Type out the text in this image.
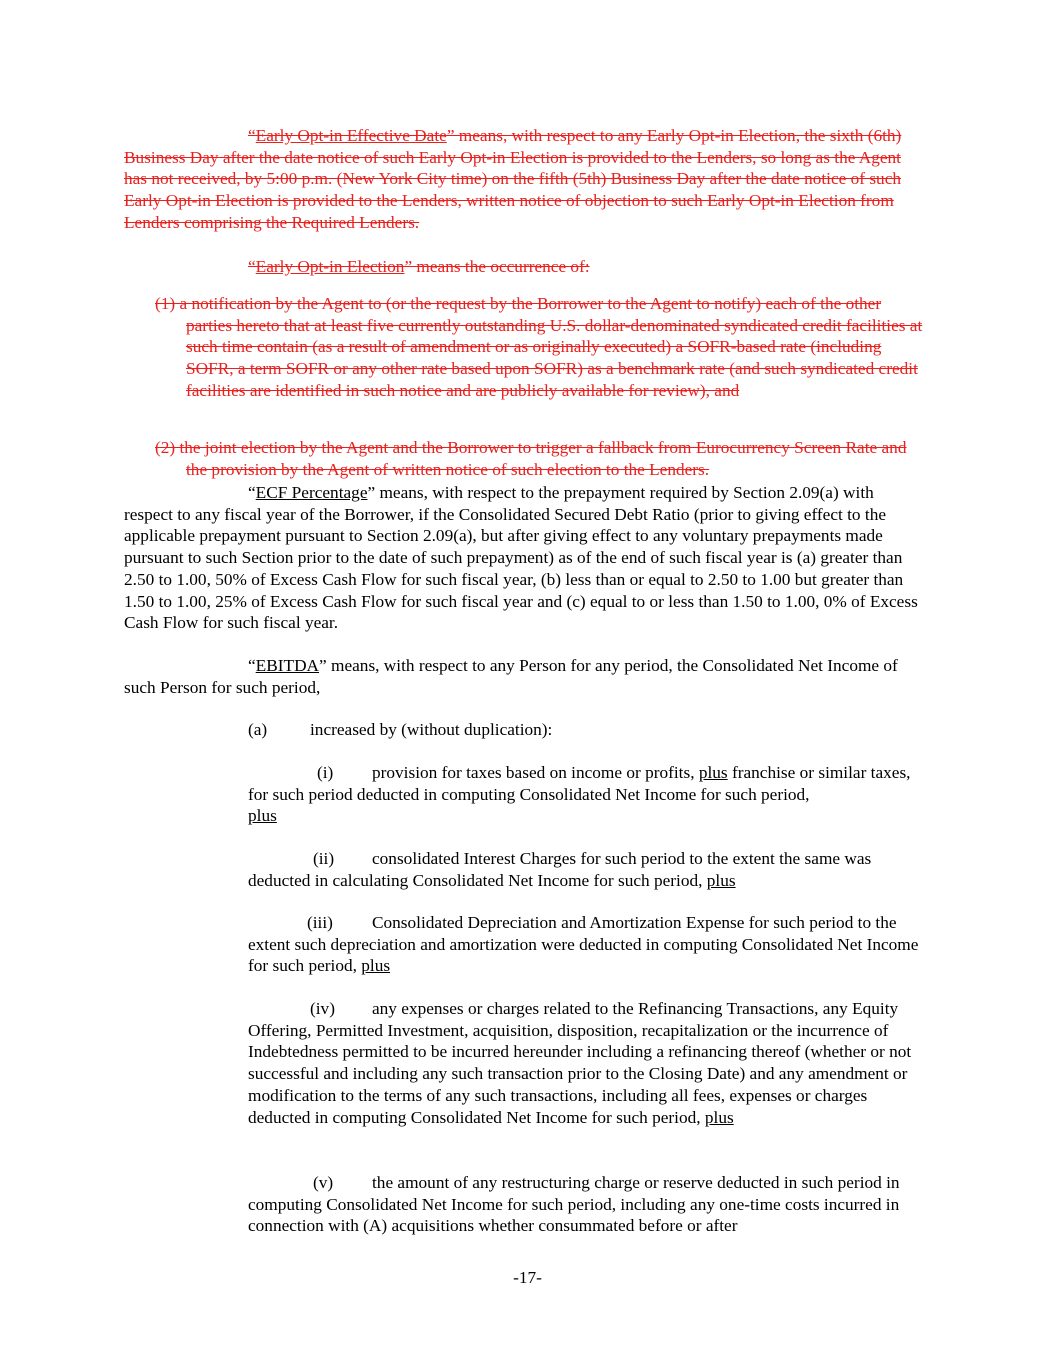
“Early Opt-in Effective Date” means, with respect to any Early Opt-in Election, the sixth (6th) Business Day after the date notice of such Early Opt-in Election is provided to the Lenders, so long as the Agent has not received, by 5:00 p.m. (New York City time) on the fifth (5th) Business Day after the date notice of such Early Opt-in Election is provided to the Lenders, written notice of objection to such Early Opt-in Election from Lenders comprising the Required Lenders.

“Early Opt-in Election” means the occurrence of:

(1) a notification by the Agent to (or the request by the Borrower to the Agent to notify) each of the other parties hereto that at least five currently outstanding U.S. dollar-denominated syndicated credit facilities at such time contain (as a result of amendment or as originally executed) a SOFR-based rate (including SOFR, a term SOFR or any other rate based upon SOFR) as a benchmark rate (and such syndicated credit facilities are identified in such notice and are publicly available for review), and

(2) the joint election by the Agent and the Borrower to trigger a fallback from Eurocurrency Screen Rate and the provision by the Agent of written notice of such election to the Lenders.

“ECF Percentage” means, with respect to the prepayment required by Section 2.09(a) with respect to any fiscal year of the Borrower, if the Consolidated Secured Debt Ratio (prior to giving effect to the applicable prepayment pursuant to Section 2.09(a), but after giving effect to any voluntary prepayments made pursuant to such Section prior to the date of such prepayment) as of the end of such fiscal year is (a) greater than 2.50 to 1.00, 50% of Excess Cash Flow for such fiscal year, (b) less than or equal to 2.50 to 1.00 but greater than 1.50 to 1.00, 25% of Excess Cash Flow for such fiscal year and (c) equal to or less than 1.50 to 1.00, 0% of Excess Cash Flow for such fiscal year.

“EBITDA” means, with respect to any Person for any period, the Consolidated Net Income of such Person for such period,

(a) increased by (without duplication):

(i) provision for taxes based on income or profits, plus franchise or similar taxes, for such period deducted in computing Consolidated Net Income for such period,
plus

(ii) consolidated Interest Charges for such period to the extent the same was deducted in calculating Consolidated Net Income for such period, plus

(iii) Consolidated Depreciation and Amortization Expense for such period to the extent such depreciation and amortization were deducted in computing Consolidated Net Income for such period, plus

(iv) any expenses or charges related to the Refinancing Transactions, any Equity Offering, Permitted Investment, acquisition, disposition, recapitalization or the incurrence of Indebtedness permitted to be incurred hereunder including a refinancing thereof (whether or not successful and including any such transaction prior to the Closing Date) and any amendment or modification to the terms of any such transactions, including all fees, expenses or charges deducted in computing Consolidated Net Income for such period, plus

(v) the amount of any restructuring charge or reserve deducted in such period in computing Consolidated Net Income for such period, including any one-time costs incurred in connection with (A) acquisitions whether consummated before or after

-17-
